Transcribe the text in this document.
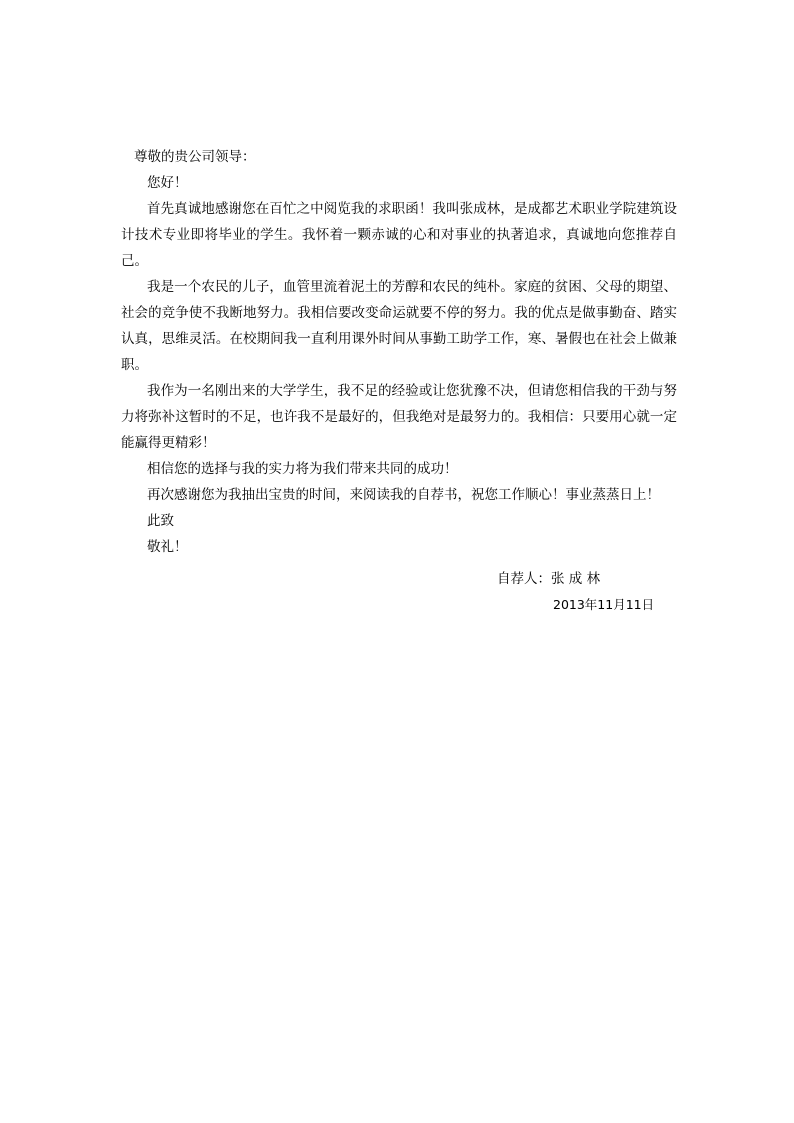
尊敬的贵公司领导：

您好！

首先真诚地感谢您在百忙之中阅览我的求职函！我叫张成林，是成都艺术职业学院建筑设计技术专业即将毕业的学生。我怀着一颗赤诚的心和对事业的执著追求，真诚地向您推荐自己。

我是一个农民的儿子，血管里流着泥土的芳醇和农民的纯朴。家庭的贫困、父母的期望、社会的竞争使不我断地努力。我相信要改变命运就要不停的努力。我的优点是做事勤奋、踏实认真，思维灵活。在校期间我一直利用课外时间从事勤工助学工作，寒、暑假也在社会上做兼职。

我作为一名刚出来的大学学生，我不足的经验或让您犹豫不决，但请您相信我的干劲与努力将弥补这暂时的不足，也许我不是最好的，但我绝对是最努力的。我相信：只要用心就一定能赢得更精彩！

相信您的选择与我的实力将为我们带来共同的成功！

再次感谢您为我抽出宝贵的时间，来阅读我的自荐书，祝您工作顺心！事业蒸蒸日上！

此致

敬礼！

自荐人：张 成 林

2013年11月11日
